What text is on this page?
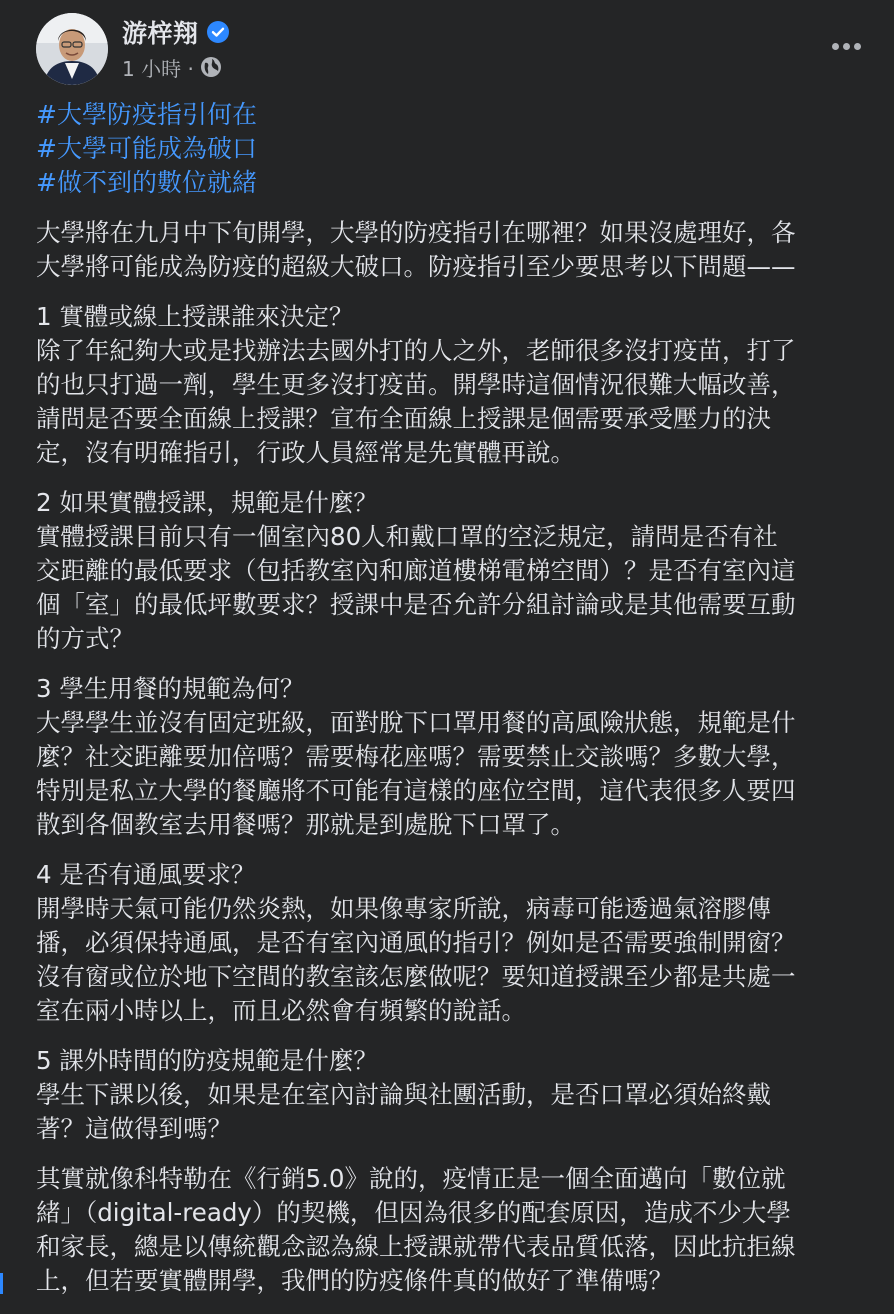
游梓翔
1 小時 ·
#大學防疫指引何在
#大學可能成為破口
#做不到的數位就緒

大學將在九月中下旬開學，大學的防疫指引在哪裡？如果沒處理好，各
大學將可能成為防疫的超級大破口。防疫指引至少要思考以下問題——

1 實體或線上授課誰來決定？
除了年紀夠大或是找辦法去國外打的人之外，老師很多沒打疫苗，打了
的也只打過一劑，學生更多沒打疫苗。開學時這個情況很難大幅改善，
請問是否要全面線上授課？宣布全面線上授課是個需要承受壓力的決
定，沒有明確指引，行政人員經常是先實體再說。

2 如果實體授課，規範是什麼？
實體授課目前只有一個室內80人和戴口罩的空泛規定，請問是否有社
交距離的最低要求（包括教室內和廊道樓梯電梯空間）？是否有室內這
個「室」的最低坪數要求？授課中是否允許分組討論或是其他需要互動
的方式？

3 學生用餐的規範為何？
大學學生並沒有固定班級，面對脫下口罩用餐的高風險狀態，規範是什
麼？社交距離要加倍嗎？需要梅花座嗎？需要禁止交談嗎？多數大學，
特別是私立大學的餐廳將不可能有這樣的座位空間，這代表很多人要四
散到各個教室去用餐嗎？那就是到處脫下口罩了。

4 是否有通風要求？
開學時天氣可能仍然炎熱，如果像專家所說，病毒可能透過氣溶膠傳
播，必須保持通風，是否有室內通風的指引？例如是否需要強制開窗？
沒有窗或位於地下空間的教室該怎麼做呢？要知道授課至少都是共處一
室在兩小時以上，而且必然會有頻繁的說話。

5 課外時間的防疫規範是什麼？
學生下課以後，如果是在室內討論與社團活動，是否口罩必須始終戴
著？這做得到嗎？

其實就像科特勒在《行銷5.0》說的，疫情正是一個全面邁向「數位就
緒」（digital-ready）的契機，但因為很多的配套原因，造成不少大學
和家長，總是以傳統觀念認為線上授課就帶代表品質低落，因此抗拒線
上，但若要實體開學，我們的防疫條件真的做好了準備嗎？
